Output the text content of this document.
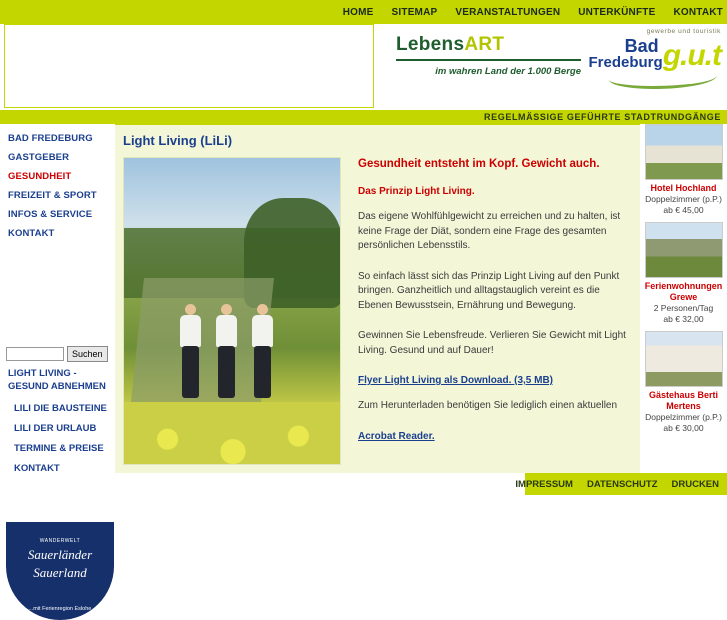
HOME SITEMAP VERANSTALTUNGEN UNTERKÜNFTE KONTAKT
LebensART
im wahren Land der 1.000 Berge
gewerbe und touristik
Bad
Fredeburg g.u.t
REGELMÄSSIGE GEFÜHRTE STADTRUNDGÄNGE
BAD FREDEBURG
GASTGEBER
GESUNDHEIT
FREIZEIT & SPORT
INFOS & SERVICE
KONTAKT
Suchen
LIGHT LIVING - GESUND ABNEHMEN
LILI DIE BAUSTEINE
LILI DER URLAUB
TERMINE & PREISE
KONTAKT
WANDERWELT
Sauerländer
Sauerland
...mit Ferienregion Eslohe
Light Living (LiLi)
Gesundheit entsteht im Kopf. Gewicht auch.
Das Prinzip Light Living.

Das eigene Wohlfühlgewicht zu erreichen und zu halten, ist keine Frage der Diät, sondern eine Frage des gesamten persönlichen Lebensstils.

So einfach lässt sich das Prinzip Light Living auf den Punkt bringen. Ganzheitlich und alltagstauglich vereint es die Ebenen Bewusstsein, Ernährung und Bewegung.

Gewinnen Sie Lebensfreude. Verlieren Sie Gewicht mit Light Living. Gesund und auf Dauer!

Flyer Light Living als Download. (3,5 MB)

Zum Herunterladen benötigen Sie lediglich einen aktuellen

Acrobat Reader.
Hotel Hochland
Doppelzimmer (p.P.)
ab € 45,00
Ferienwohnungen Grewe
2 Personen/Tag
ab € 32,00
Gästehaus Berti Mertens
Doppelzimmer (p.P.)
ab € 30,00
IMPRESSUM DATENSCHUTZ DRUCKEN
